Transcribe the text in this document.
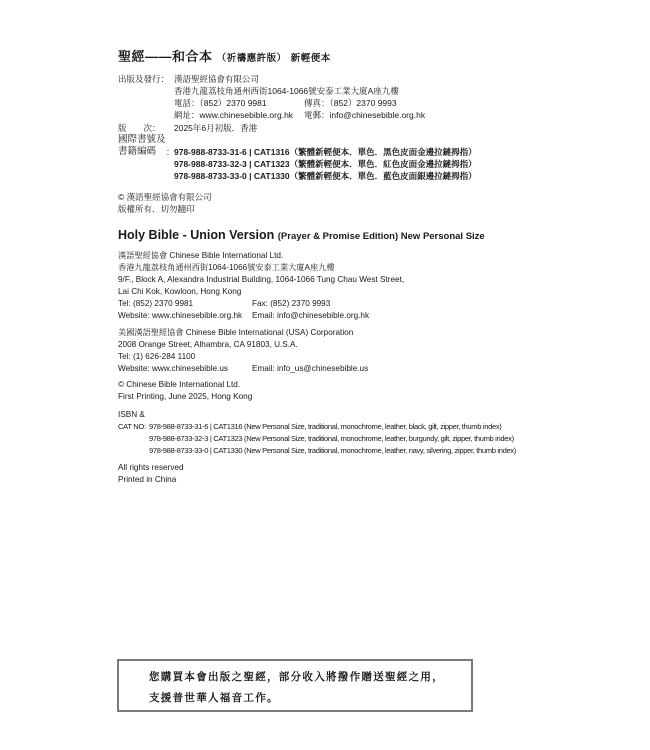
聖經——和合本 （祈禱應許版） 新輕便本
出版及發行： 漢語聖經協會有限公司
香港九龍荔枝角通州西街1064-1066號安泰工業大廈A座九樓
電話：（852）2370 9981	傳真：（852）2370 9993
網址：www.chinesebible.org.hk 電郵：info@chinesebible.org.hk
版　　次： 2025年6月初版．香港
國際書號及
書籍編碼 ： 978-988-8733-31-6 | CAT1316（繁體新輕便本．單色．黑色皮面金邊拉鏈拇指）
978-988-8733-32-3 | CAT1323（繁體新輕便本．單色．紅色皮面金邊拉鏈拇指）
978-988-8733-33-0 | CAT1330（繁體新輕便本．單色．藍色皮面銀邊拉鏈拇指）
© 漢語聖經協會有限公司
版權所有．切勿翻印
Holy Bible - Union Version (Prayer & Promise Edition) New Personal Size
漢語聖經協會 Chinese Bible International Ltd.
香港九龍荔枝角通州西街1064-1066號安泰工業大廈A座九樓
9/F., Block A, Alexandra Industrial Building, 1064-1066 Tung Chau West Street,
Lai Chi Kok, Kowloon, Hong Kong
Tel: (852) 2370 9981	Fax: (852) 2370 9993
Website: www.chinesebible.org.hk Email: info@chinesebible.org.hk
美國漢語聖經協會 Chinese Bible International (USA) Corporation
2008 Orange Street, Alhambra, CA 91803, U.S.A.
Tel: (1) 626-284 1100
Website: www.chinesebible.us	Email: info_us@chinesebible.us
© Chinese Bible International Ltd.
First Printing, June 2025, Hong Kong
ISBN &
CAT NO: 978-988-8733-31-6 | CAT1316 (New Personal Size, traditional, monochrome, leather, black, gilt, zipper, thumb index)
978-988-8733-32-3 | CAT1323 (New Personal Size, traditional, monochrome, leather, burgundy, gilt, zipper, thumb index)
978-988-8733-33-0 | CAT1330 (New Personal Size, traditional, monochrome, leather, navy, silvering, zipper, thumb index)
All rights reserved
Printed in China
您購買本會出版之聖經，部分收入將撥作贈送聖經之用，
支援普世華人福音工作。
